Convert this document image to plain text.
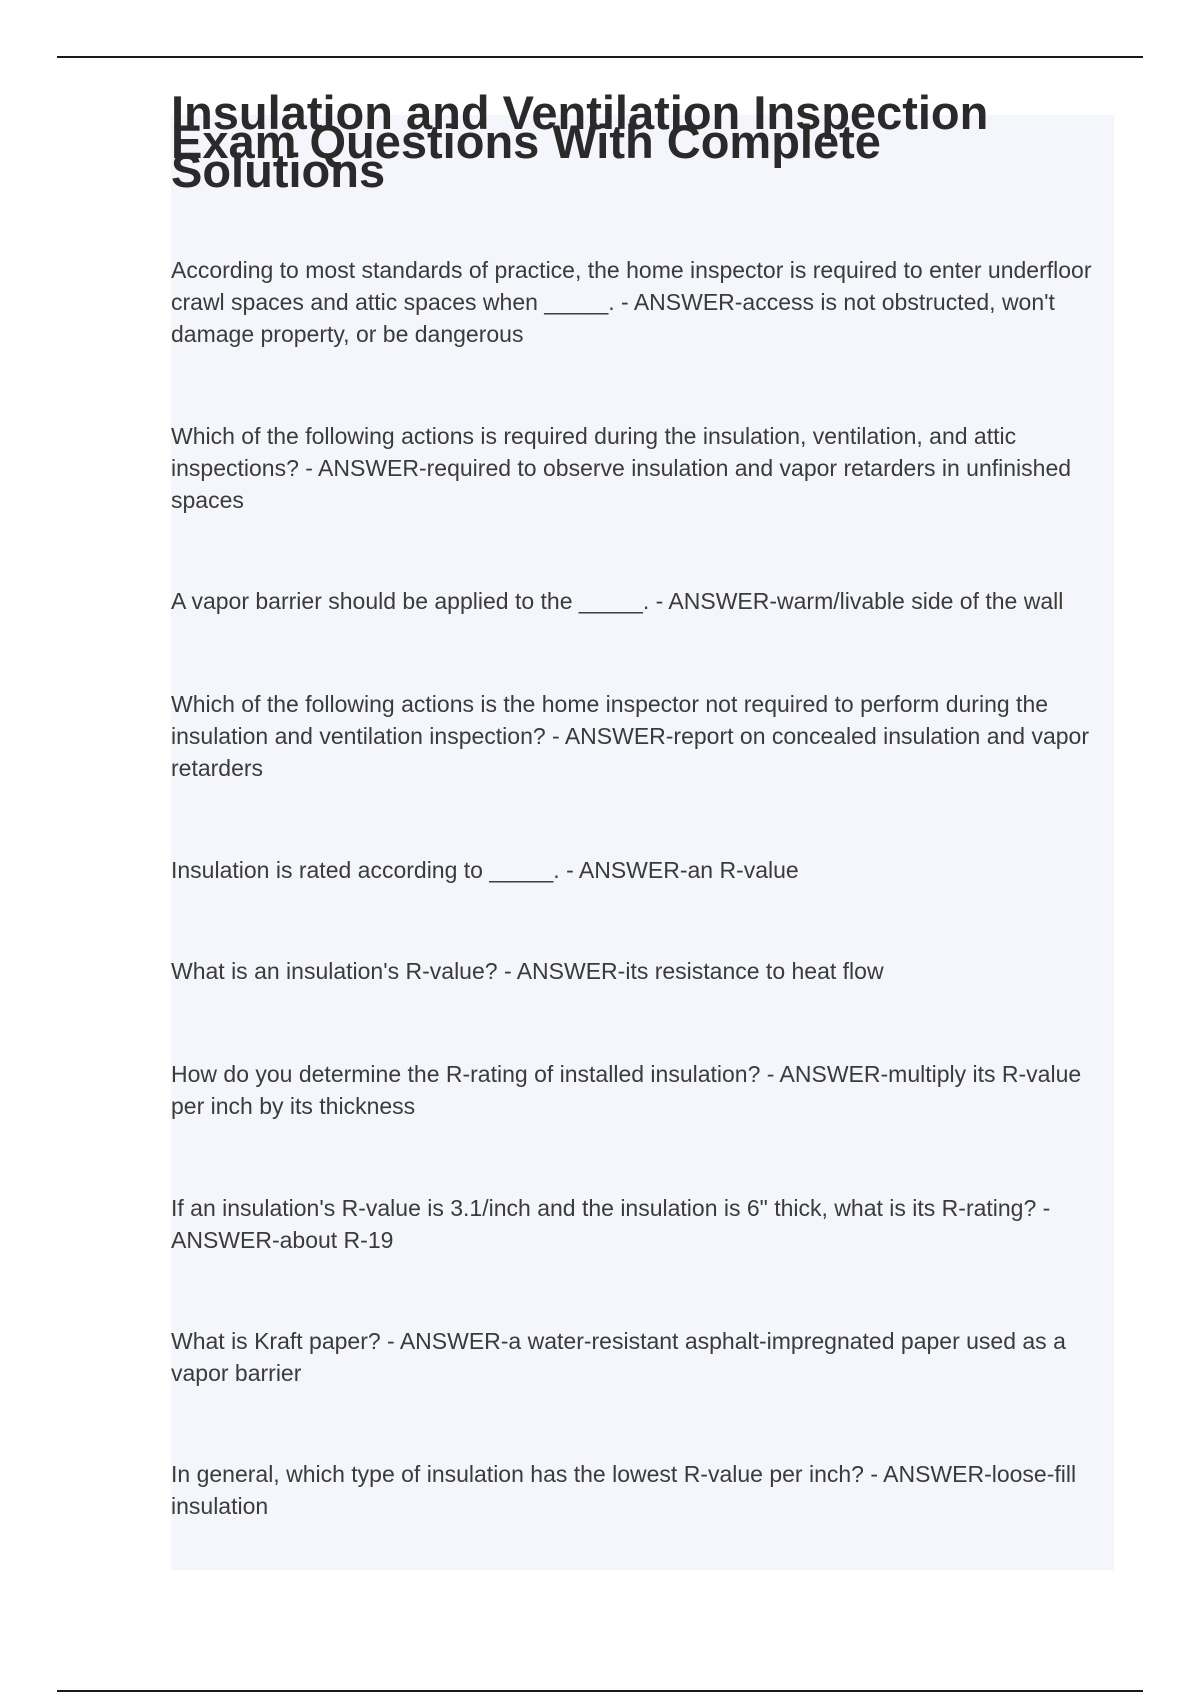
Insulation and Ventilation Inspection Exam Questions With Complete Solutions
According to most standards of practice, the home inspector is required to enter underfloor crawl spaces and attic spaces when _____. - ANSWER-access is not obstructed, won't damage property, or be dangerous
Which of the following actions is required during the insulation, ventilation, and attic inspections? - ANSWER-required to observe insulation and vapor retarders in unfinished spaces
A vapor barrier should be applied to the _____. - ANSWER-warm/livable side of the wall
Which of the following actions is the home inspector not required to perform during the insulation and ventilation inspection? - ANSWER-report on concealed insulation and vapor retarders
Insulation is rated according to _____. - ANSWER-an R-value
What is an insulation's R-value? - ANSWER-its resistance to heat flow
How do you determine the R-rating of installed insulation? - ANSWER-multiply its R-value per inch by its thickness
If an insulation's R-value is 3.1/inch and the insulation is 6" thick, what is its R-rating? - ANSWER-about R-19
What is Kraft paper? - ANSWER-a water-resistant asphalt-impregnated paper used as a vapor barrier
In general, which type of insulation has the lowest R-value per inch? - ANSWER-loose-fill insulation
